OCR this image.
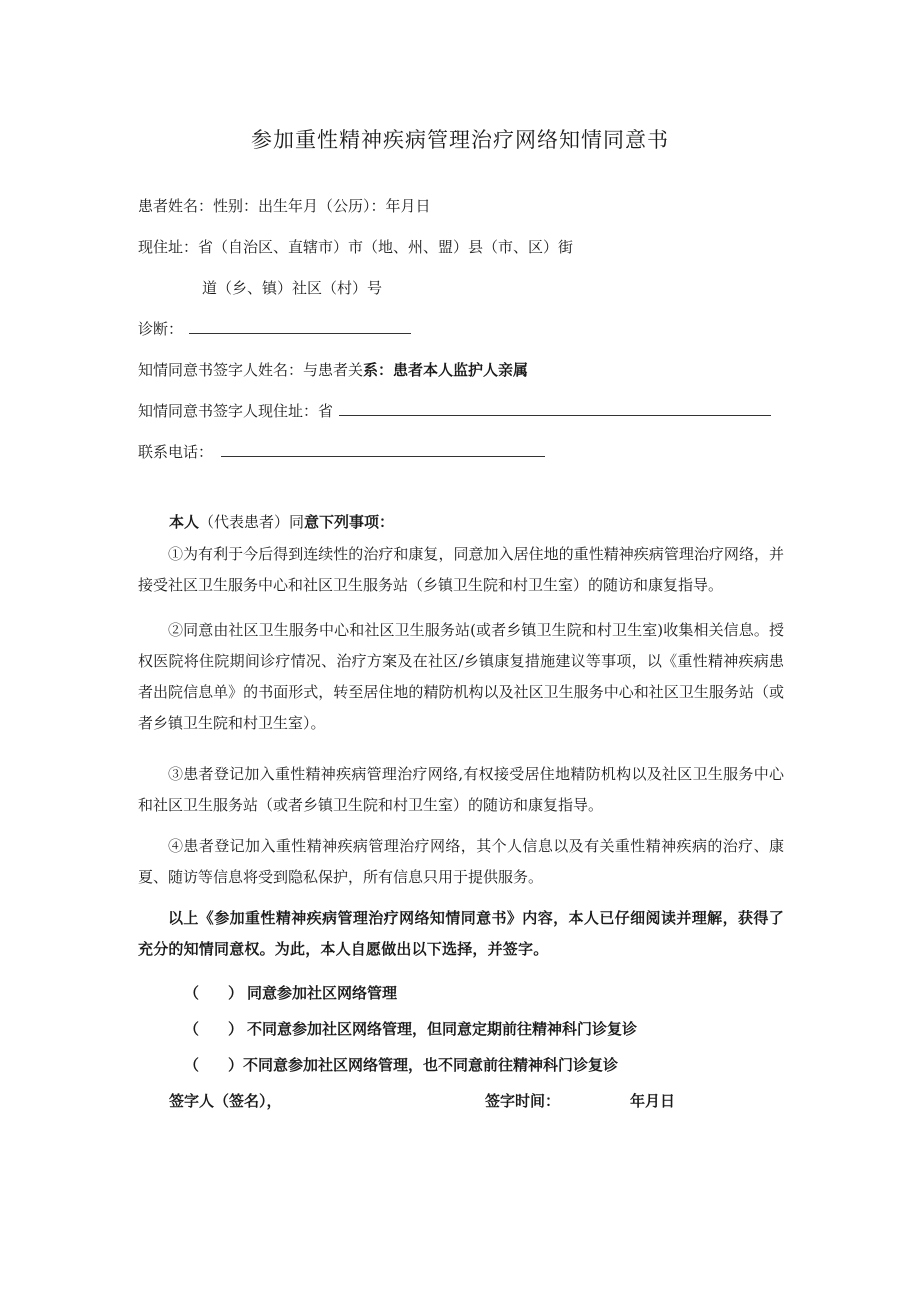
参加重性精神疾病管理治疗网络知情同意书
患者姓名：性别：出生年月（公历）：年月日
现住址：省（自治区、直辖市）市（地、州、盟）县（市、区）街
道（乡、镇）社区（村）号
诊断：
知情同意书签字人姓名：与患者关系：患者本人监护人亲属
知情同意书签字人现住址：省
联系电话：
本人（代表患者）同意下列事项：
①为有利于今后得到连续性的治疗和康复，同意加入居住地的重性精神疾病管理治疗网络，并接受社区卫生服务中心和社区卫生服务站（乡镇卫生院和村卫生室）的随访和康复指导。
②同意由社区卫生服务中心和社区卫生服务站(或者乡镇卫生院和村卫生室)收集相关信息。授权医院将住院期间诊疗情况、治疗方案及在社区/乡镇康复措施建议等事项，以《重性精神疾病患者出院信息单》的书面形式，转至居住地的精防机构以及社区卫生服务中心和社区卫生服务站（或者乡镇卫生院和村卫生室）。
③患者登记加入重性精神疾病管理治疗网络,有权接受居住地精防机构以及社区卫生服务中心和社区卫生服务站（或者乡镇卫生院和村卫生室）的随访和康复指导。
④患者登记加入重性精神疾病管理治疗网络，其个人信息以及有关重性精神疾病的治疗、康夏、随访等信息将受到隐私保护，所有信息只用于提供服务。
以上《参加重性精神疾病管理治疗网络知情同意书》内容，本人已仔细阅读并理解，获得了充分的知情同意权。为此，本人自愿做出以下选择，并签字。
（ ） 同意参加社区网络管理
（ ） 不同意参加社区网络管理，但同意定期前往精神科门诊复诊
（ ）不同意参加社区网络管理，也不同意前往精神科门诊复诊
签字人（签名），	签字时间：	年月日
